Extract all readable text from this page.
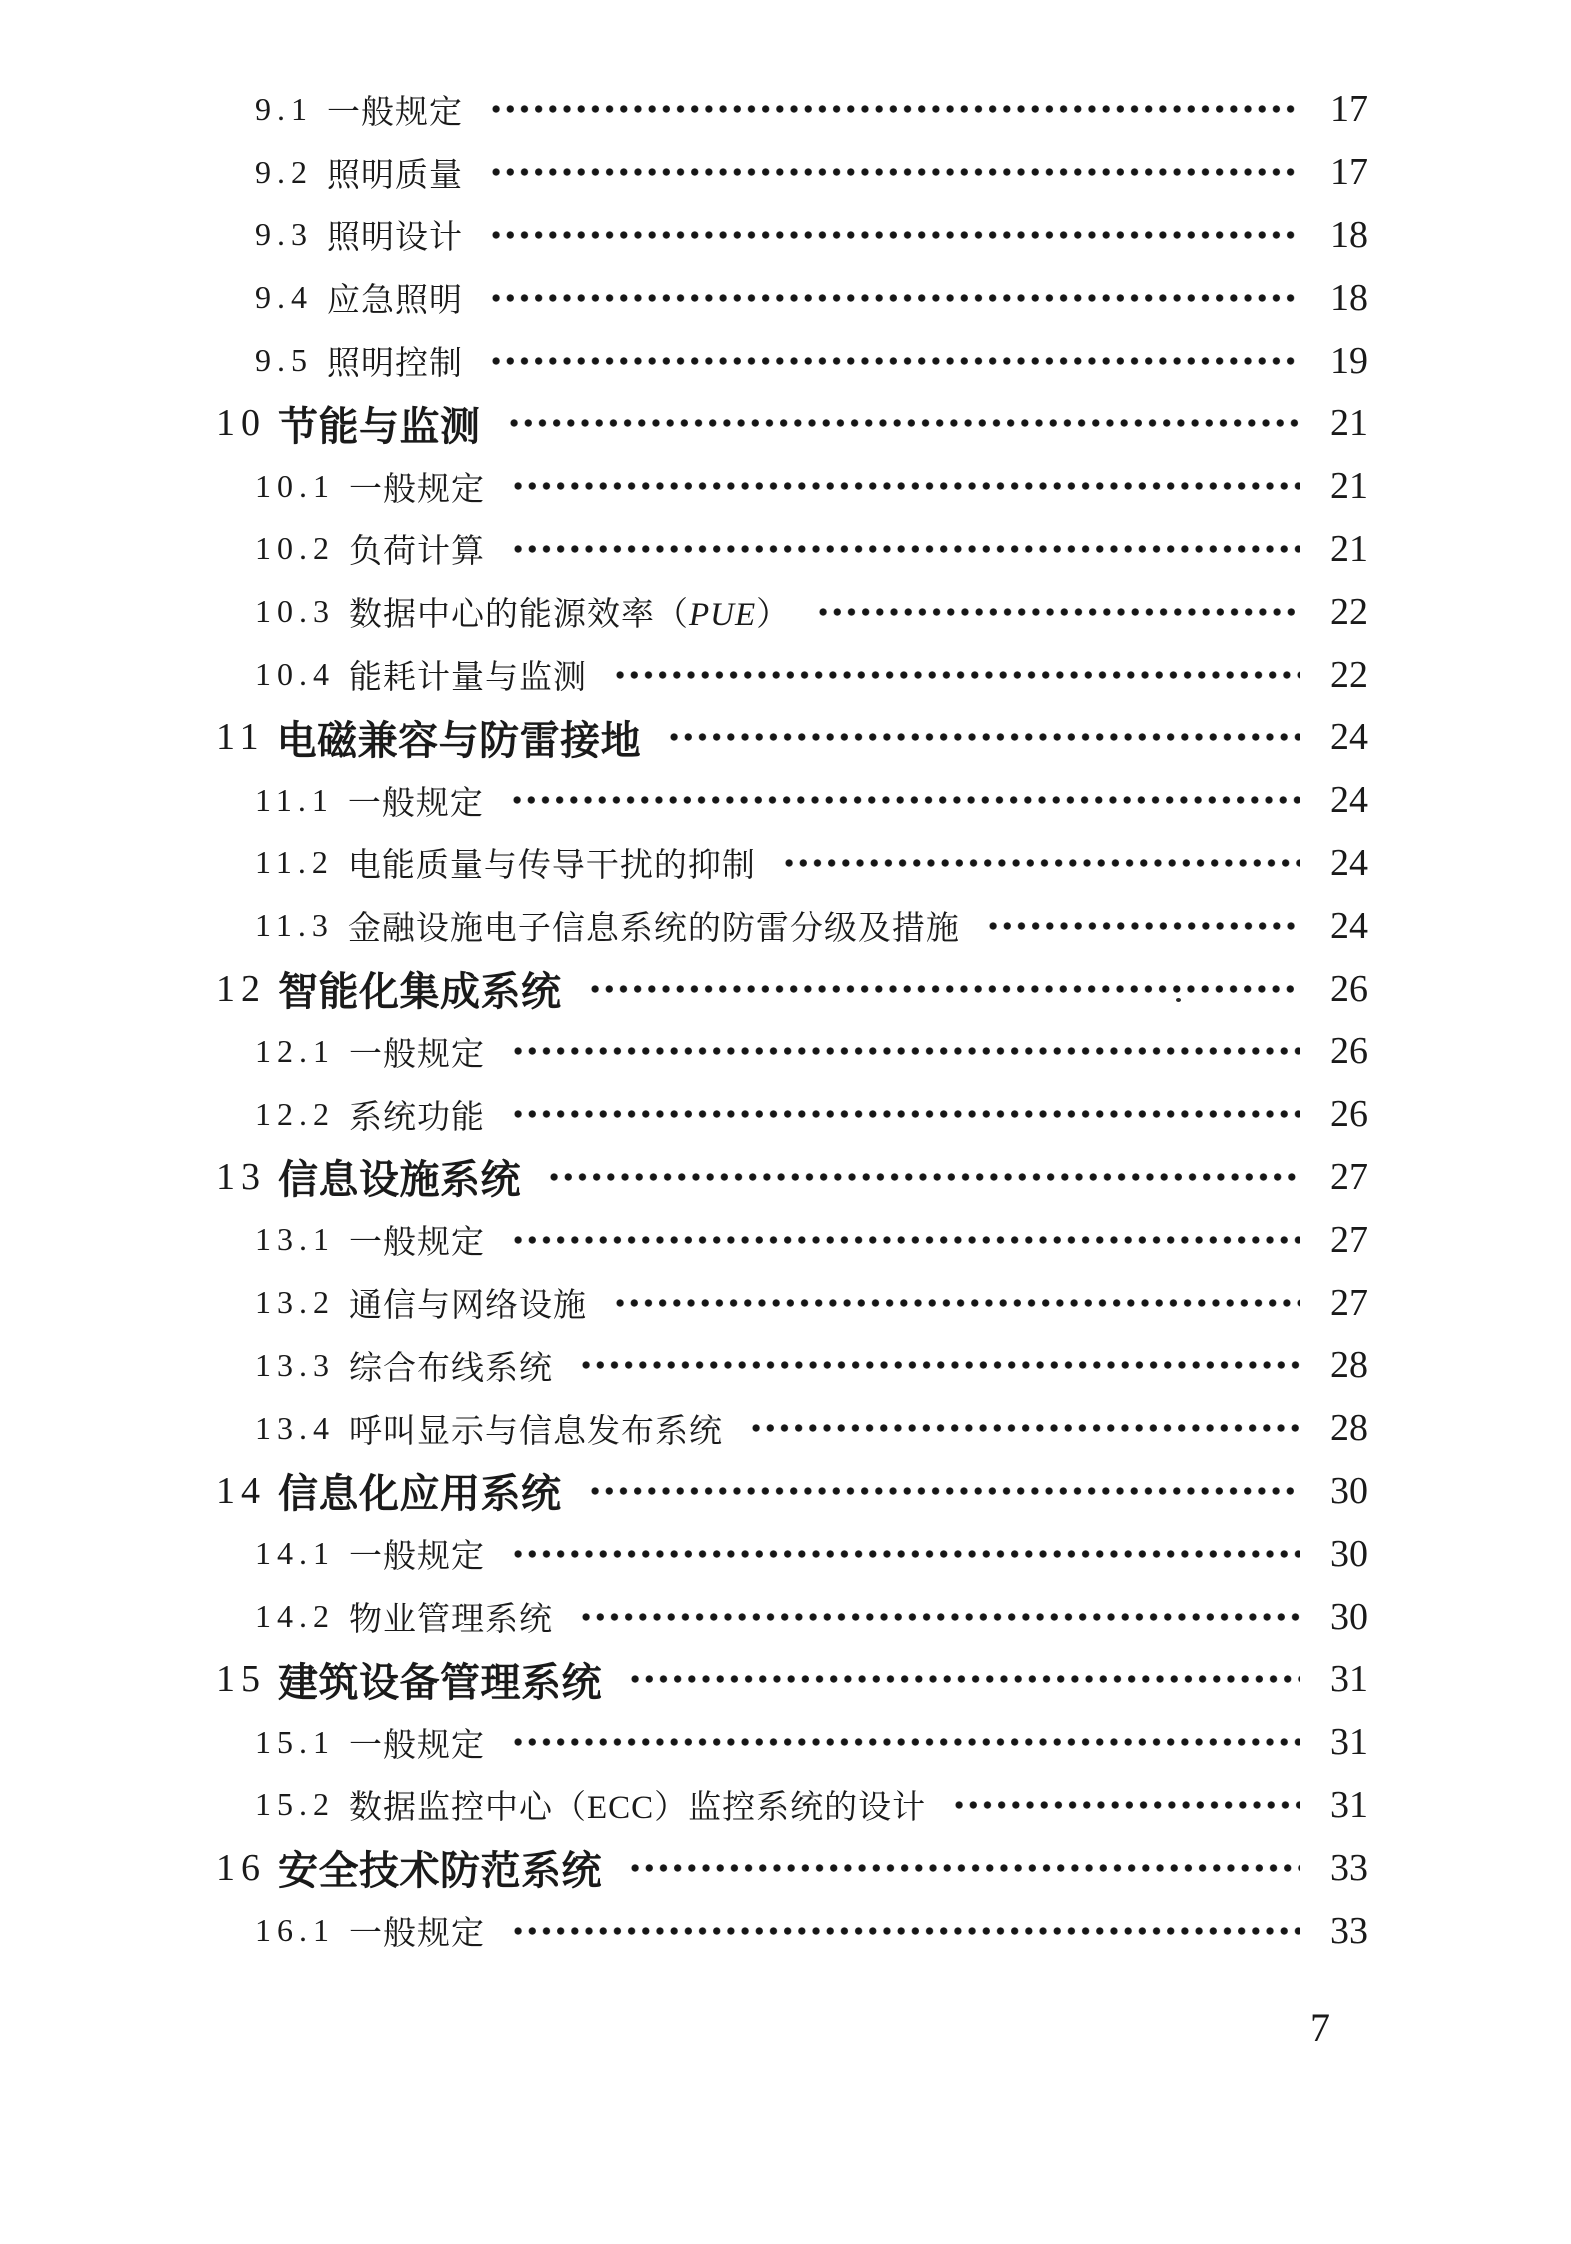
9.1 一般规定	17
9.2 照明质量	17
9.3 照明设计	18
9.4 应急照明	18
9.5 照明控制	19
10 节能与监测	21
10.1 一般规定	21
10.2 负荷计算	21
10.3 数据中心的能源效率（PUE）	22
10.4 能耗计量与监测	22
11 电磁兼容与防雷接地	24
11.1 一般规定	24
11.2 电能质量与传导干扰的抑制	24
11.3 金融设施电子信息系统的防雷分级及措施	24
12 智能化集成系统	26
12.1 一般规定	26
12.2 系统功能	26
13 信息设施系统	27
13.1 一般规定	27
13.2 通信与网络设施	27
13.3 综合布线系统	28
13.4 呼叫显示与信息发布系统	28
14 信息化应用系统	30
14.1 一般规定	30
14.2 物业管理系统	30
15 建筑设备管理系统	31
15.1 一般规定	31
15.2 数据监控中心（ECC）监控系统的设计	31
16 安全技术防范系统	33
16.1 一般规定	33
7
